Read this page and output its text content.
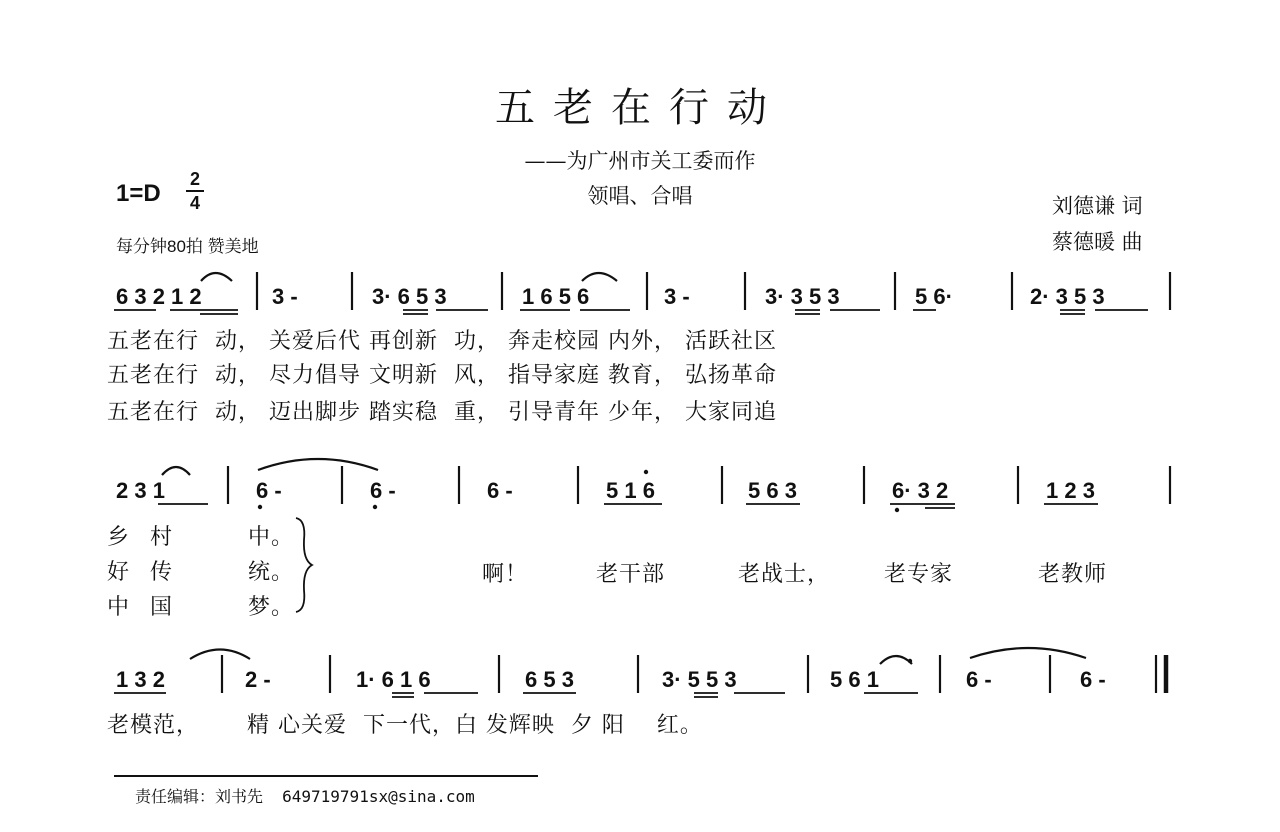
五老在行动
——为广州市关工委而作
领唱、合唱	刘德谦 词
蔡德暖 曲
1=D
2
4
每分钟80拍 赞美地
6 3 2 1 2	3 -	3· 6 5 3	1 6 5 6	3 -	3· 3 5 3	5 6·	2· 3 5 3
五老在行  动， 关爱后代 再创新  功， 奔走校园 内外， 活跃社区
五老在行  动， 尽力倡导 文明新  风， 指导家庭 教育， 弘扬革命
五老在行  动， 迈出脚步 踏实稳  重， 引导青年 少年， 大家同追
2 3 1	6 -	6 -	6 -	5 1 6	5 6 3	6· 3 2	1 2 3
乡 村	中。
好 传	统。
中 国	梦。
啊！	老干部	老战士， 老专家	老教师
1 3 2	2 -	1· 6 1 6	6 5 3	3· 5 5 3	5 6 1	6 -	6 -
老模范，      精 心关爱  下一代，白 发辉映  夕 阳    红。
责任编辑：刘书先 649719791sx@sina.com
